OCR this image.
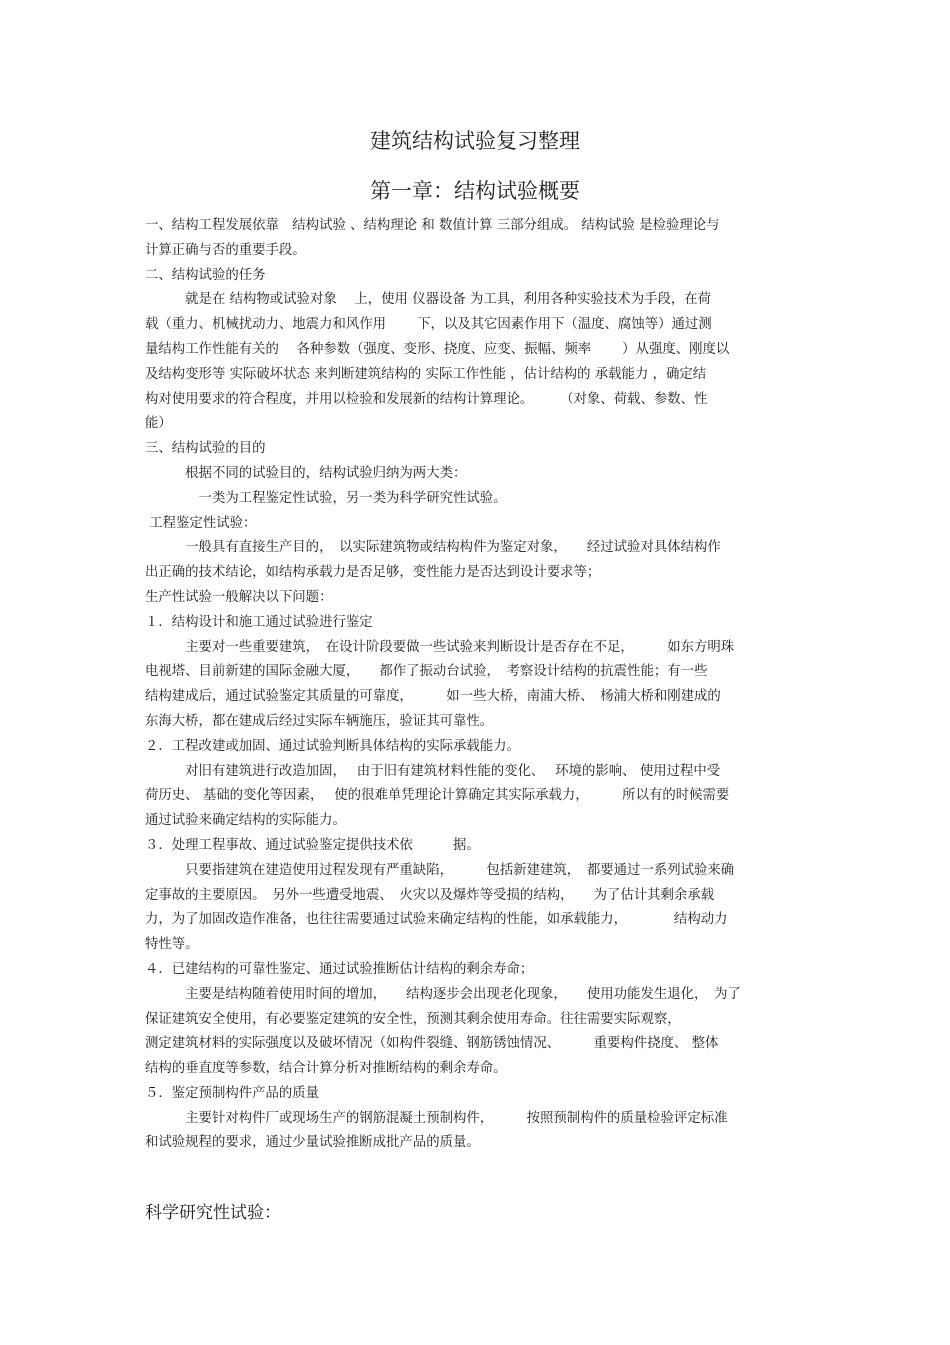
建筑结构试验复习整理
第一章：结构试验概要
一、结构工程发展依靠　结构试验 、结构理论 和 数值计算 三部分组成。 结构试验 是检验理论与
计算正确与否的重要手段。
二、结构试验的任务
　　　就是在 结构物或试验对象　 上，使用 仪器设备 为工具，利用各种实验技术为手段，在荷
载（重力、机械扰动力、地震力和风作用　　 下，以及其它因素作用下（温度、腐蚀等）通过测
量结构工作性能有关的　 各种参数（强度、变形、挠度、应变、振幅、频率　　 ）从强度、刚度以
及结构变形等 实际破坏状态 来判断建筑结构的 实际工作性能 ，估计结构的 承载能力 ，确定结
构对使用要求的符合程度，并用以检验和发展新的结构计算理论。　　　（对象、荷载、参数、性
能）
三、结构试验的目的
　　　根据不同的试验目的，结构试验归纳为两大类：
　　　　一类为工程鉴定性试验，另一类为科学研究性试验。
工程鉴定性试验：
　　　一般具有直接生产目的，　以实际建筑物或结构构件为鉴定对象，　　经过试验对具体结构作
出正确的技术结论，如结构承载力是否足够，变性能力是否达到设计要求等；
生产性试验一般解决以下问题：
１．结构设计和施工通过试验进行鉴定
　　　主要对一些重要建筑，　在设计阶段要做一些试验来判断设计是否存在不足，　　　如东方明珠
电视塔、目前新建的国际金融大厦，　　都作了振动台试验，　考察设计结构的抗震性能；有一些
结构建成后，通过试验鉴定其质量的可靠度，　　　如一些大桥，南浦大桥、　杨浦大桥和刚建成的
东海大桥，都在建成后经过实际车辆施压，验证其可靠性。
２．工程改建或加固、通过试验判断具体结构的实际承载能力。
　　　对旧有建筑进行改造加固，　 由于旧有建筑材料性能的变化、　 环境的影响、 使用过程中受
荷历史、 基础的变化等因素，　 使的很难单凭理论计算确定其实际承载力，　　　所以有的时候需要
通过试验来确定结构的实际能力。
３．处理工程事故、通过试验鉴定提供技术依　　　据。
　　　只要指建筑在建造使用过程发现有严重缺陷，　　　包括新建建筑，　都要通过一系列试验来确
定事故的主要原因。　另外一些遭受地震、　火灾以及爆炸等受损的结构，　　为了估计其剩余承载
力，为了加固改造作准备，也往往需要通过试验来确定结构的性能，如承载能力，　　　　结构动力
特性等。
４．已建结构的可靠性鉴定、通过试验推断估计结构的剩余寿命；
　　　主要是结构随着使用时间的增加，　　结构逐步会出现老化现象，　　使用功能发生退化，　为了
保证建筑安全使用，有必要鉴定建筑的安全性，预测其剩余使用寿命。往往需要实际观察，
测定建筑材料的实际强度以及破坏情况（如构件裂缝、钢筋锈蚀情况、　　　重要构件挠度、 整体
结构的垂直度等参数，结合计算分析对推断结构的剩余寿命。
５．鉴定预制构件产品的质量
　　　主要针对构件厂或现场生产的钢筋混凝土预制构件，　　　按照预制构件的质量检验评定标准
和试验规程的要求，通过少量试验推断成批产品的质量。
科学研究性试验：
